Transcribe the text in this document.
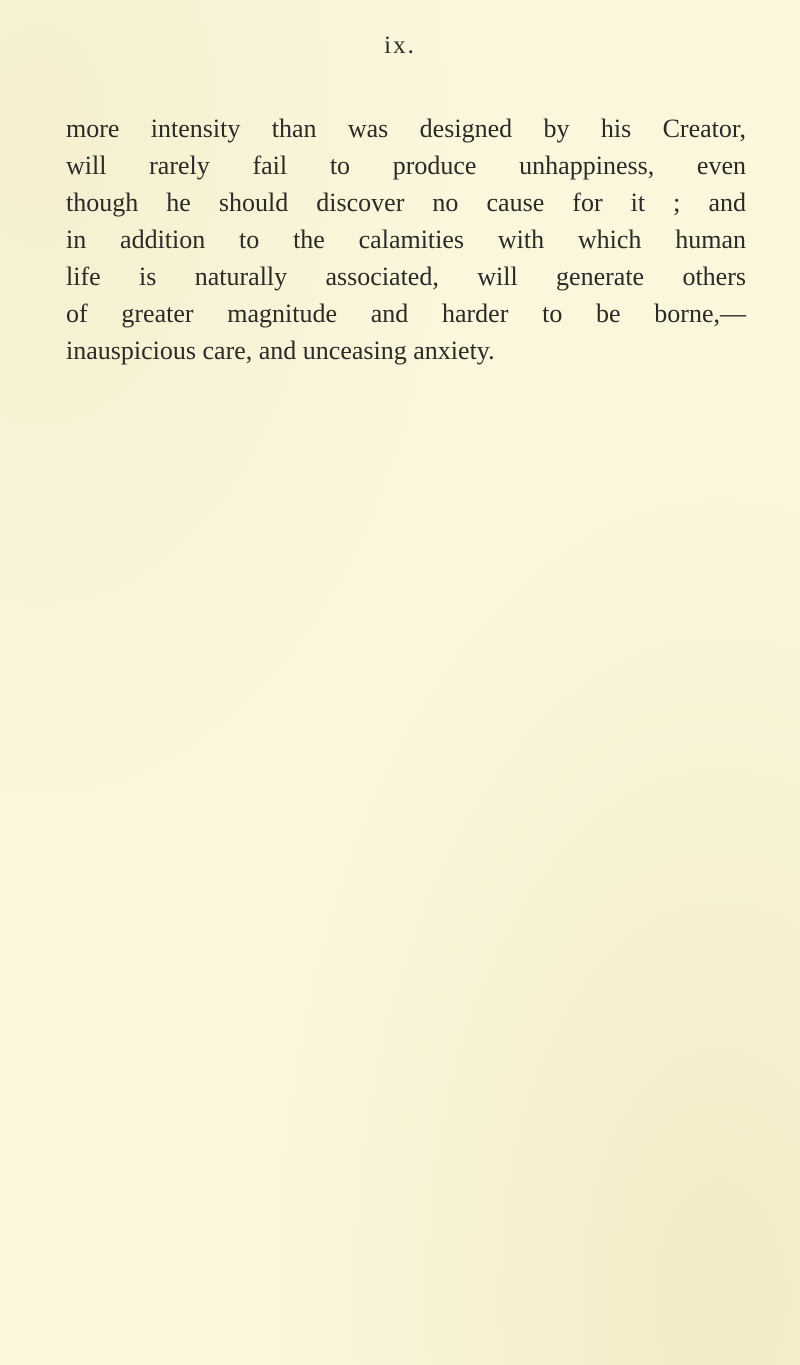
ix.
more intensity than was designed by his Creator,
will rarely fail to produce unhappiness, even
though he should discover no cause for it ; and
in addition to the calamities with which human
life is naturally associated, will generate others
of greater magnitude and harder to be borne,—
inauspicious care, and unceasing anxiety.
